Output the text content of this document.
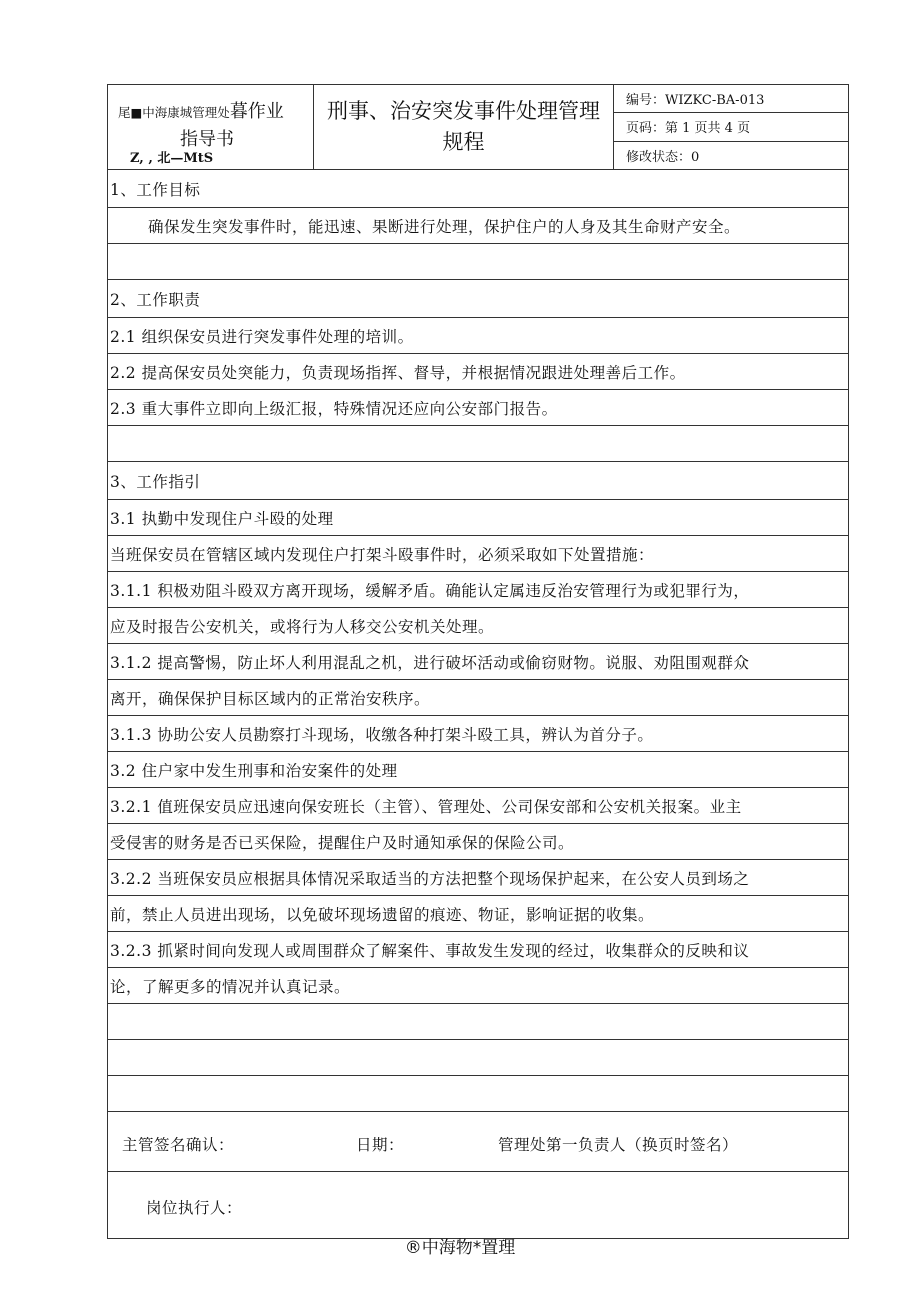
尾■中海康城管理处暮作业
指导书
Z, , 北—MtS
刑事、治安突发事件处理管理规程
编号：WIZKC-BA-013
页码：第 1 页共 4 页
修改状态：0
1、工作目标
确保发生突发事件时，能迅速、果断进行处理，保护住户的人身及其生命财产安全。
2、工作职责
2.1 组织保安员进行突发事件处理的培训。
2.2 提高保安员处突能力，负责现场指挥、督导，并根据情况跟进处理善后工作。
2.3 重大事件立即向上级汇报，特殊情况还应向公安部门报告。
3、工作指引
3.1 执勤中发现住户斗殴的处理
当班保安员在管辖区域内发现住户打架斗殴事件时，必须采取如下处置措施：
3.1.1 积极劝阻斗殴双方离开现场，缓解矛盾。确能认定属违反治安管理行为或犯罪行为，
应及时报告公安机关，或将行为人移交公安机关处理。
3.1.2 提高警惕，防止坏人利用混乱之机，进行破坏活动或偷窃财物。说服、劝阻围观群众
离开，确保保护目标区域内的正常治安秩序。
3.1.3 协助公安人员勘察打斗现场，收缴各种打架斗殴工具，辨认为首分子。
3.2 住户家中发生刑事和治安案件的处理
3.2.1 值班保安员应迅速向保安班长（主管）、管理处、公司保安部和公安机关报案。业主
受侵害的财务是否已买保险，提醒住户及时通知承保的保险公司。
3.2.2 当班保安员应根据具体情况采取适当的方法把整个现场保护起来，在公安人员到场之
前，禁止人员进出现场，以免破坏现场遗留的痕迹、物证，影响证据的收集。
3.2.3 抓紧时间向发现人或周围群众了解案件、事故发生发现的经过，收集群众的反映和议
论，了解更多的情况并认真记录。
主管签名确认：	日期：	管理处第一负责人（换页时签名）
岗位执行人：
®中海物*置理
